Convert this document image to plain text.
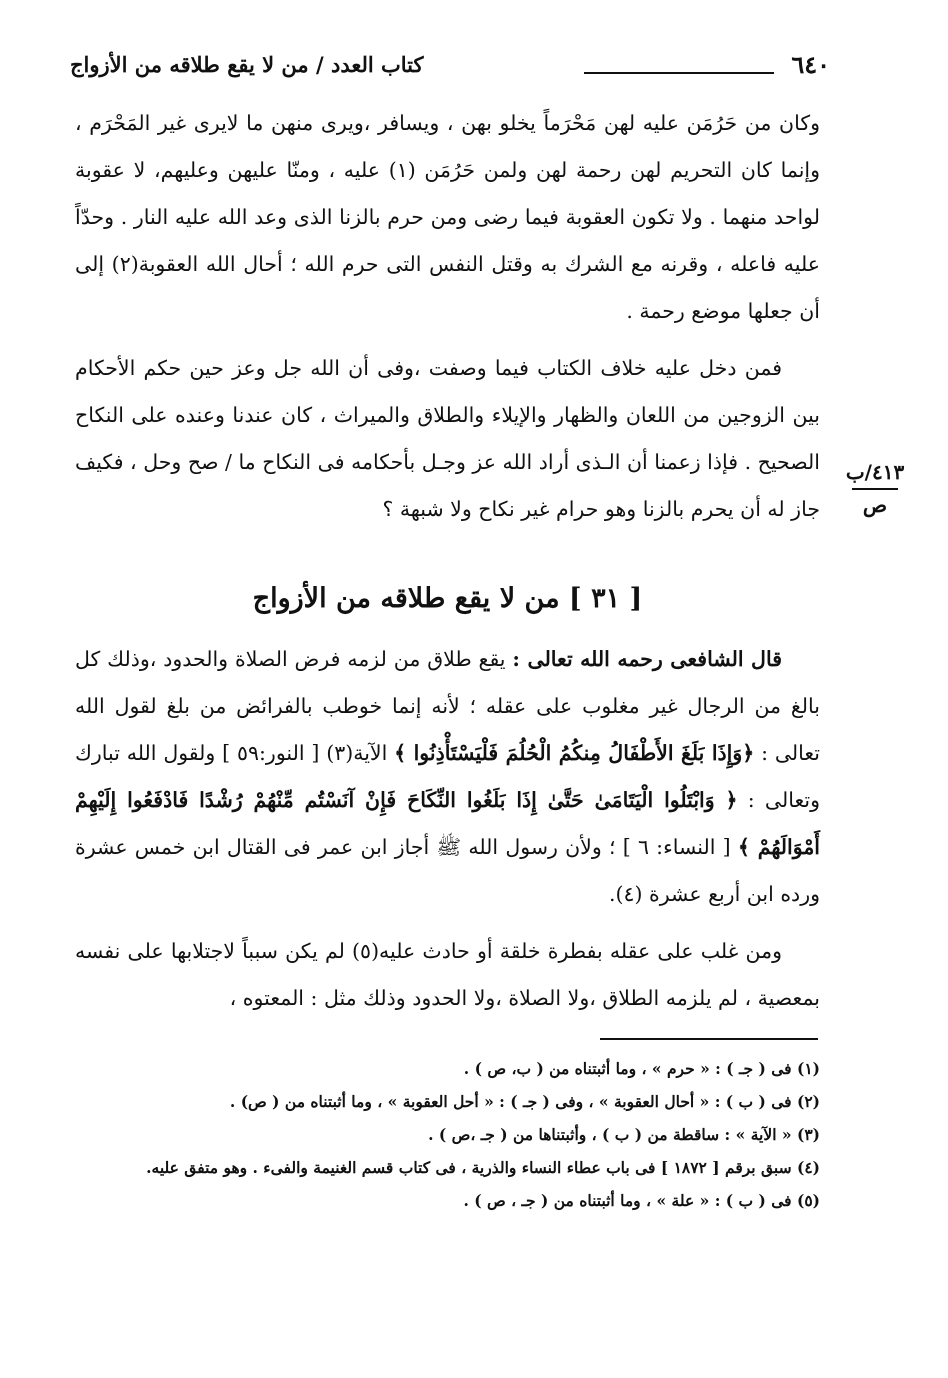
٦٤٠
كتاب العدد / من لا يقع طلاقه من الأزواج

وكان من حَرُمَن عليه لهن مَحْرَماً يخلو بهن ، ويسافر ،ويرى منهن ما لايرى غير المَحْرَم ، وإنما كان التحريم لهن رحمة لهن ولمن حَرُمَن (١) عليه ، ومنّا عليهن وعليهم، لا عقوبة لواحد منهما . ولا تكون العقوبة فيما رضى ومن حرم بالزنا الذى وعد الله عليه النار . وحدّاً عليه فاعله ، وقرنه مع الشرك به وقتل النفس التى حرم الله ؛ أحال الله العقوبة(٢) إلى أن جعلها موضع رحمة .

فمن دخل عليه خلاف الكتاب فيما وصفت ،وفى أن الله جل وعز حين حكم الأحكام بين الزوجين من اللعان والظهار والإيلاء والطلاق والميراث ، كان عندنا وعنده على النكاح الصحيح . فإذا زعمنا أن الـذى أراد الله عز وجـل بأحكامه فى النكاح ما / صح وحل ، فكيف جاز له أن يحرم بالزنا وهو حرام غير نكاح ولا شبهة ؟

٤١٣/ب
ص
[ ٣١ ] من لا يقع طلاقه من الأزواج

قال الشافعى رحمه الله تعالى : يقع طلاق من لزمه فرض الصلاة والحدود ،وذلك كل بالغ من الرجال غير مغلوب على عقله ؛ لأنه إنما خوطب بالفرائض من بلغ لقول الله تعالى : ﴿وَإِذَا بَلَغَ الأَطْفَالُ مِنكُمُ الْحُلُمَ فَلْيَسْتَأْذِنُوا ﴾ الآية(٣) [ النور:٥٩ ] ولقول الله تبارك وتعالى : ﴿ وَابْتَلُوا الْيَتَامَىٰ حَتَّىٰ إِذَا بَلَغُوا النِّكَاحَ فَإِنْ آنَسْتُم مِّنْهُمْ رُشْدًا فَادْفَعُوا إِلَيْهِمْ أَمْوَالَهُمْ ﴾ [ النساء: ٦ ] ؛ ولأن رسول الله ﷺ أجاز ابن عمر فى القتال ابن خمس عشرة ورده ابن أربع عشرة (٤).

ومن غلب على عقله بفطرة خلقة أو حادث عليه(٥) لم يكن سبباً لاجتلابها على نفسه بمعصية ، لم يلزمه الطلاق ،ولا الصلاة ،ولا الحدود وذلك مثل : المعتوه ،

(١) فى ( جـ ) : « حرم » ، وما أثبتناه من ( ب، ص ) .
(٢) فى ( ب ) : « أحال العقوبة » ، وفى ( جـ ) : « أحل العقوبة » ، وما أثبتناه من ( ص) .
(٣) « الآية » : ساقطة من ( ب ) ، وأثبتناها من ( جـ ،ص ) .
(٤) سبق برقم [ ١٨٧٢ ] فى باب عطاء النساء والذرية ، فى كتاب قسم الغنيمة والفىء . وهو متفق عليه.
(٥) فى ( ب ) : « علة » ، وما أثبتناه من ( جـ ، ص ) .
